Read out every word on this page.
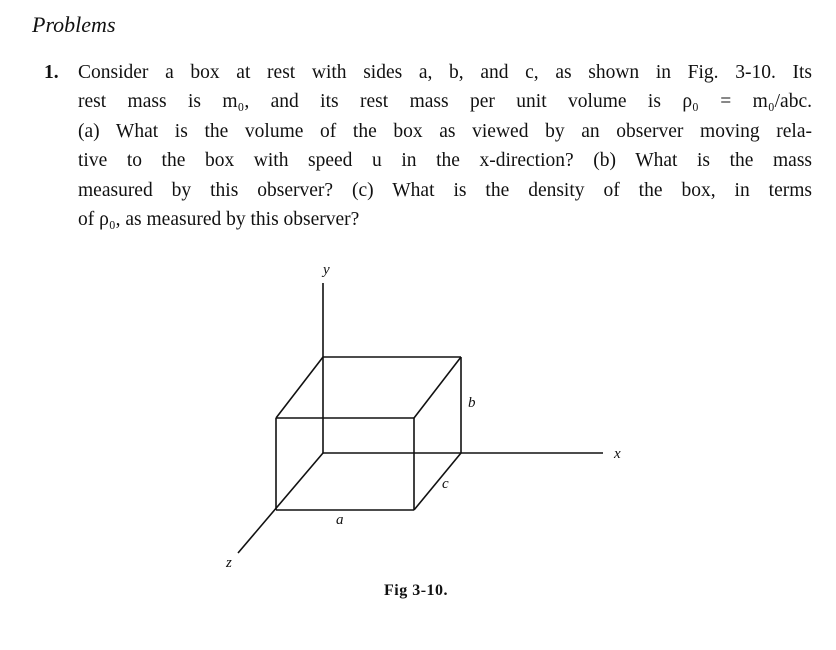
Problems
1. Consider a box at rest with sides a, b, and c, as shown in Fig. 3-10. Its
rest mass is m₀, and its rest mass per unit volume is ρ₀ = m₀/abc.
(a) What is the volume of the box as viewed by an observer moving rela-
tive to the box with speed u in the x-direction? (b) What is the mass
measured by this observer? (c) What is the density of the box, in terms
of ρ₀, as measured by this observer?
y
x
z
b
c
a
Fig 3-10.
